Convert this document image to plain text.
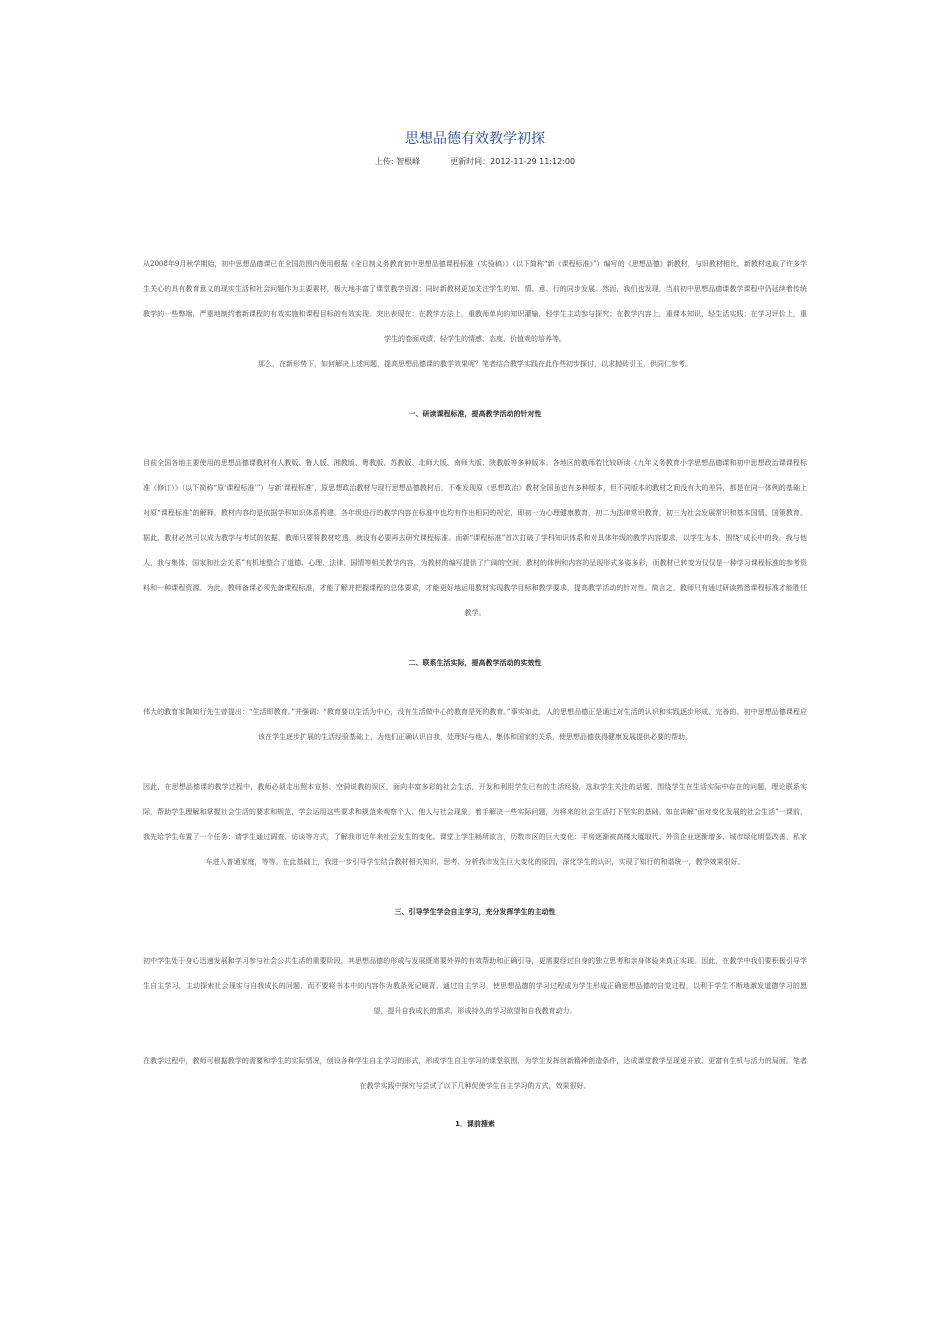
思想品德有效教学初探
上传: 智根峰	更新时间：2012-11-29 11:12:00

从2008年9月秋学期始，初中思想品德课已在全国范围内使用根据《全日制义务教育初中思想品德课程标准（实验稿）》（以下简称“新《课程标准》”）编写的《思想品德》新教材，与旧教材相比，新教材选取了许多学生关心的具有教育意义的现实生活和社会问题作为主要素材，极大地丰富了课堂教学资源；同时新教材更加关注学生的知、情、意、行的同步发展。然而，我们也发现，当前初中思想品德课教学课程中仍延续着传统教学的一些弊端，严重地制约着新课程的有效实施和课程目标的有效实现。突出表现在：在教学方法上，重教师单向的知识灌输，轻学生主动参与探究；在教学内容上，重课本知识，轻生活实践；在学习评价上，重学生的卷面成绩，轻学生的情感、态度、价值观的培养等。

那么，在新形势下，如何解决上述问题，提高思想品德课的教学效果呢？笔者结合教学实践在此作些初步探讨，以求抛砖引玉，供同仁参考。

一、研读课程标准，提高教学活动的针对性

目前全国各地主要使用的思想品德课教材有人教版、鲁人版、湘教版、粤教版、苏教版、北师大版、南师大版、陕教版等多种版本。各地区的教师若比较研读《九年义务教育小学思想品德课和初中思想政治课课程标准（修订）》（以下简称“原‘课程标准’”）与新‘课程标准’，原思想政治教材与现行思想品德教材后，不难发现原《思想政治》教材全国虽也有多种版本，但不同版本的教材之间没有大的差异，都是在同一体例的基础上对原“课程标准”的解释，教材内容均是依据学科知识体系构建，各年级进行的教学内容在标准中也均有作出相同的规定，即初一为心理健康教育，初二为法律常识教育，初三为社会发展常识和基本国情、国策教育。据此，教材必然可以成为教学与考试的依据，教师只要将教材吃透，就没有必要再去研究课程标准。而新“课程标准”首次打破了学科知识体系和对具体年级的教学内容要求，以学生为本，围绕“成长中的我，我与他人，我与集体、国家和社会关系”有机地整合了道德、心理、法律、国情等相关教学内容，为教材的编写提供了广阔的空间，教材的体例和内容的呈现形式多姿多彩，而教材已转变为仅仅是一种学习课程标准的参考资料和一种课程资源。为此，教师备课必须先备课程标准，才能了解并把握课程的总体要求，才能更好地运用教材实现教学目标和教学要求，提高教学活动的针对性。简言之，教师只有通过研读熟悉课程标准才能胜任教学。

二、联系生活实际，提高教学活动的实效性

伟大的教育家陶知行先生曾提出：“生活即教育。”并强调：“教育要以生活为中心，没有生活做中心的教育是死的教育。”事实如此，人的思想品德正是通过对生活的认识和实践逐步形成、完善的。初中思想品德课程应该在学生逐步扩展的生活经验基础上，为他们正确认识自我，处理好与他人、集体和国家的关系，使思想品德获得健康发展提供必要的帮助。

因此，在思想品德课的教学过程中，教师必须走出照本宣科、空洞说教的误区，面向丰富多彩的社会生活，开发和利用学生已有的生活经验，选取学生关注的话题，围绕学生在生活实际中存在的问题，理论联系实际，帮助学生理解和掌握社会生活的要求和规范，学会运用这些要求和规范来观察个人、他人与社会现象，着手解决一些实际问题，为将来的社会生活打下坚实的基础。如在讲解“面对变化发展的社会生活”一课前，我先给学生布置了一个任务：请学生通过调查、访谈等方式，了解我市近年来社会发生的变化。课堂上学生畅所欲言，历数市区的巨大变化：平房逐渐被高楼大厦取代、外资企业逐渐增多、城市绿化明显改善、私家车进入普通家庭，等等。在此基础上，我进一步引导学生结合教材相关知识，思考、分析我市发生巨大变化的原因，深化学生的认识，实现了知行的和谐统一，教学效果很好。

三、引导学生学会自主学习，充分发挥学生的主动性

初中学生处于身心迅速发展和学习参与社会公共生活的重要阶段，其思想品德的形成与发展既需要外界的有效帮助和正确引导，更需要经过自身的独立思考和亲身体验来真正实现。因此，在教学中我们要积极引导学生自主学习，主动探索社会现实与自我成长的问题，而不要将书本中的内容作为教条死记硬背。通过自主学习，使思想品德的学习过程成为学生形成正确思想品德的自觉过程，以利于学生不断地激发道德学习的愿望，提升自我成长的需求，形成持久的学习欲望和自我教育动力。

在教学过程中，教师可根据教学的需要和学生的实际情况，创设各种学生自主学习的形式，形成学生自主学习的课堂氛围，为学生发挥创新精神创造条件，达成课堂教学呈现更开放、更富有生机与活力的局面。笔者在教学实践中探究与尝试了以下几种促使学生自主学习的方式，效果很好。

1．课前搜索
